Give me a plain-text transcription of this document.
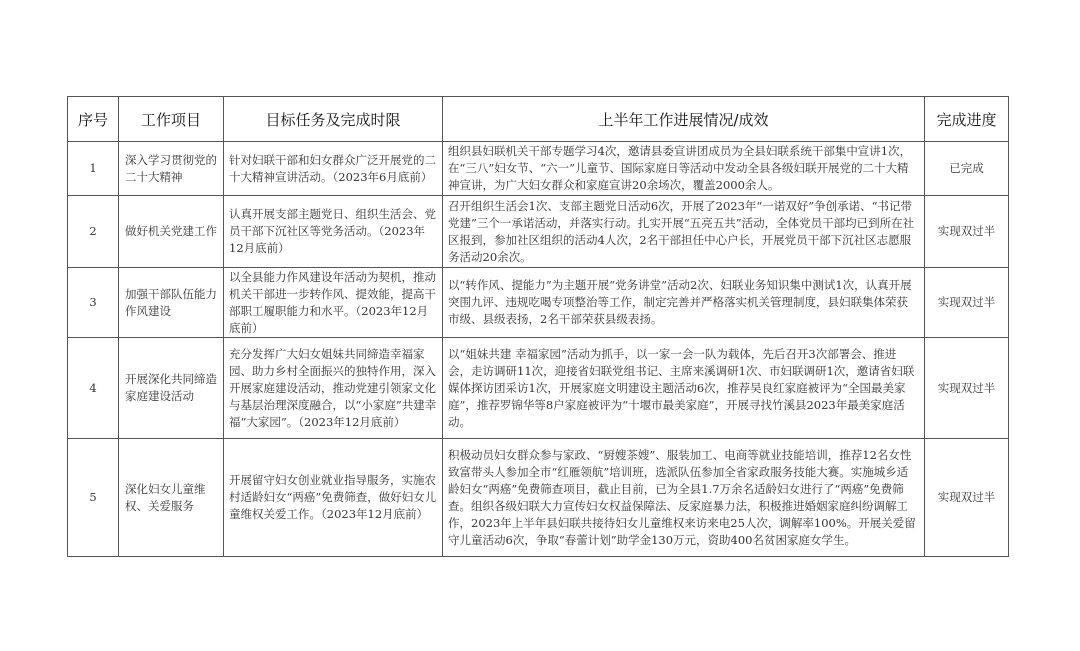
序号	工作项目	目标任务及完成时限	上半年工作进展情况/成效	完成进度
1	深入学习贯彻党的二十大精神	针对妇联干部和妇女群众广泛开展党的二十大精神宣讲活动。（2023年6月底前）	组织县妇联机关干部专题学习4次，邀请县委宣讲团成员为全县妇联系统干部集中宣讲1次，在“三八”妇女节、“六一”儿童节、国际家庭日等活动中发动全县各级妇联开展党的二十大精神宣讲，为广大妇女群众和家庭宣讲20余场次，覆盖2000余人。	已完成
2	做好机关党建工作	认真开展支部主题党日、组织生活会、党员干部下沉社区等党务活动。（2023年12月底前）	召开组织生活会1次、支部主题党日活动6次，开展了2023年“一诺双好”争创承诺、“书记带党建”三个一承诺活动，并落实行动。扎实开展“五亮五共”活动，全体党员干部均已到所在社区报到，参加社区组织的活动4人次，2名干部担任中心户长，开展党员干部下沉社区志愿服务活动20余次。	实现双过半
3	加强干部队伍能力作风建设	以全县能力作风建设年活动为契机，推动机关干部进一步转作风、提效能，提高干部职工履职能力和水平。（2023年12月底前）	以“转作风、提能力”为主题开展“党务讲堂”活动2次、妇联业务知识集中测试1次，认真开展突围九评、违规吃喝专项整治等工作，制定完善并严格落实机关管理制度，县妇联集体荣获市级、县级表扬，2名干部荣获县级表扬。	实现双过半
4	开展深化共同缔造家庭建设活动	充分发挥广大妇女姐妹共同缔造幸福家园、助力乡村全面振兴的独特作用，深入开展家庭建设活动，推动党建引领家文化与基层治理深度融合，以“小家庭”共建幸福“大家园”。（2023年12月底前）	以“姐妹共建 幸福家园”活动为抓手，以一家一会一队为载体，先后召开3次部署会、推进会，走访调研11次，迎接省妇联党组书记、主席来溪调研1次、市妇联调研1次，邀请省妇联媒体探访团采访1次，开展家庭文明建设主题活动6次，推荐吴良红家庭被评为“全国最美家庭”，推荐罗锦华等8户家庭被评为“十堰市最美家庭”，开展寻找竹溪县2023年最美家庭活动。	实现双过半
5	深化妇女儿童维权、关爱服务	开展留守妇女创业就业指导服务，实施农村适龄妇女“两癌”免费筛查，做好妇女儿童维权关爱工作。（2023年12月底前）	积极动员妇女群众参与家政、“厨嫂茶嫂”、服装加工、电商等就业技能培训，推荐12名女性致富带头人参加全市“红雁领航”培训班，选派队伍参加全省家政服务技能大赛。实施城乡适龄妇女“两癌”免费筛查项目，截止目前，已为全县1.7万余名适龄妇女进行了“两癌”免费筛查。组织各级妇联大力宣传妇女权益保障法、反家庭暴力法，积极推进婚姻家庭纠纷调解工作，2023年上半年县妇联共接待妇女儿童维权来访来电25人次，调解率100%。开展关爱留守儿童活动6次，争取“春蕾计划”助学金130万元，资助400名贫困家庭女学生。	实现双过半
